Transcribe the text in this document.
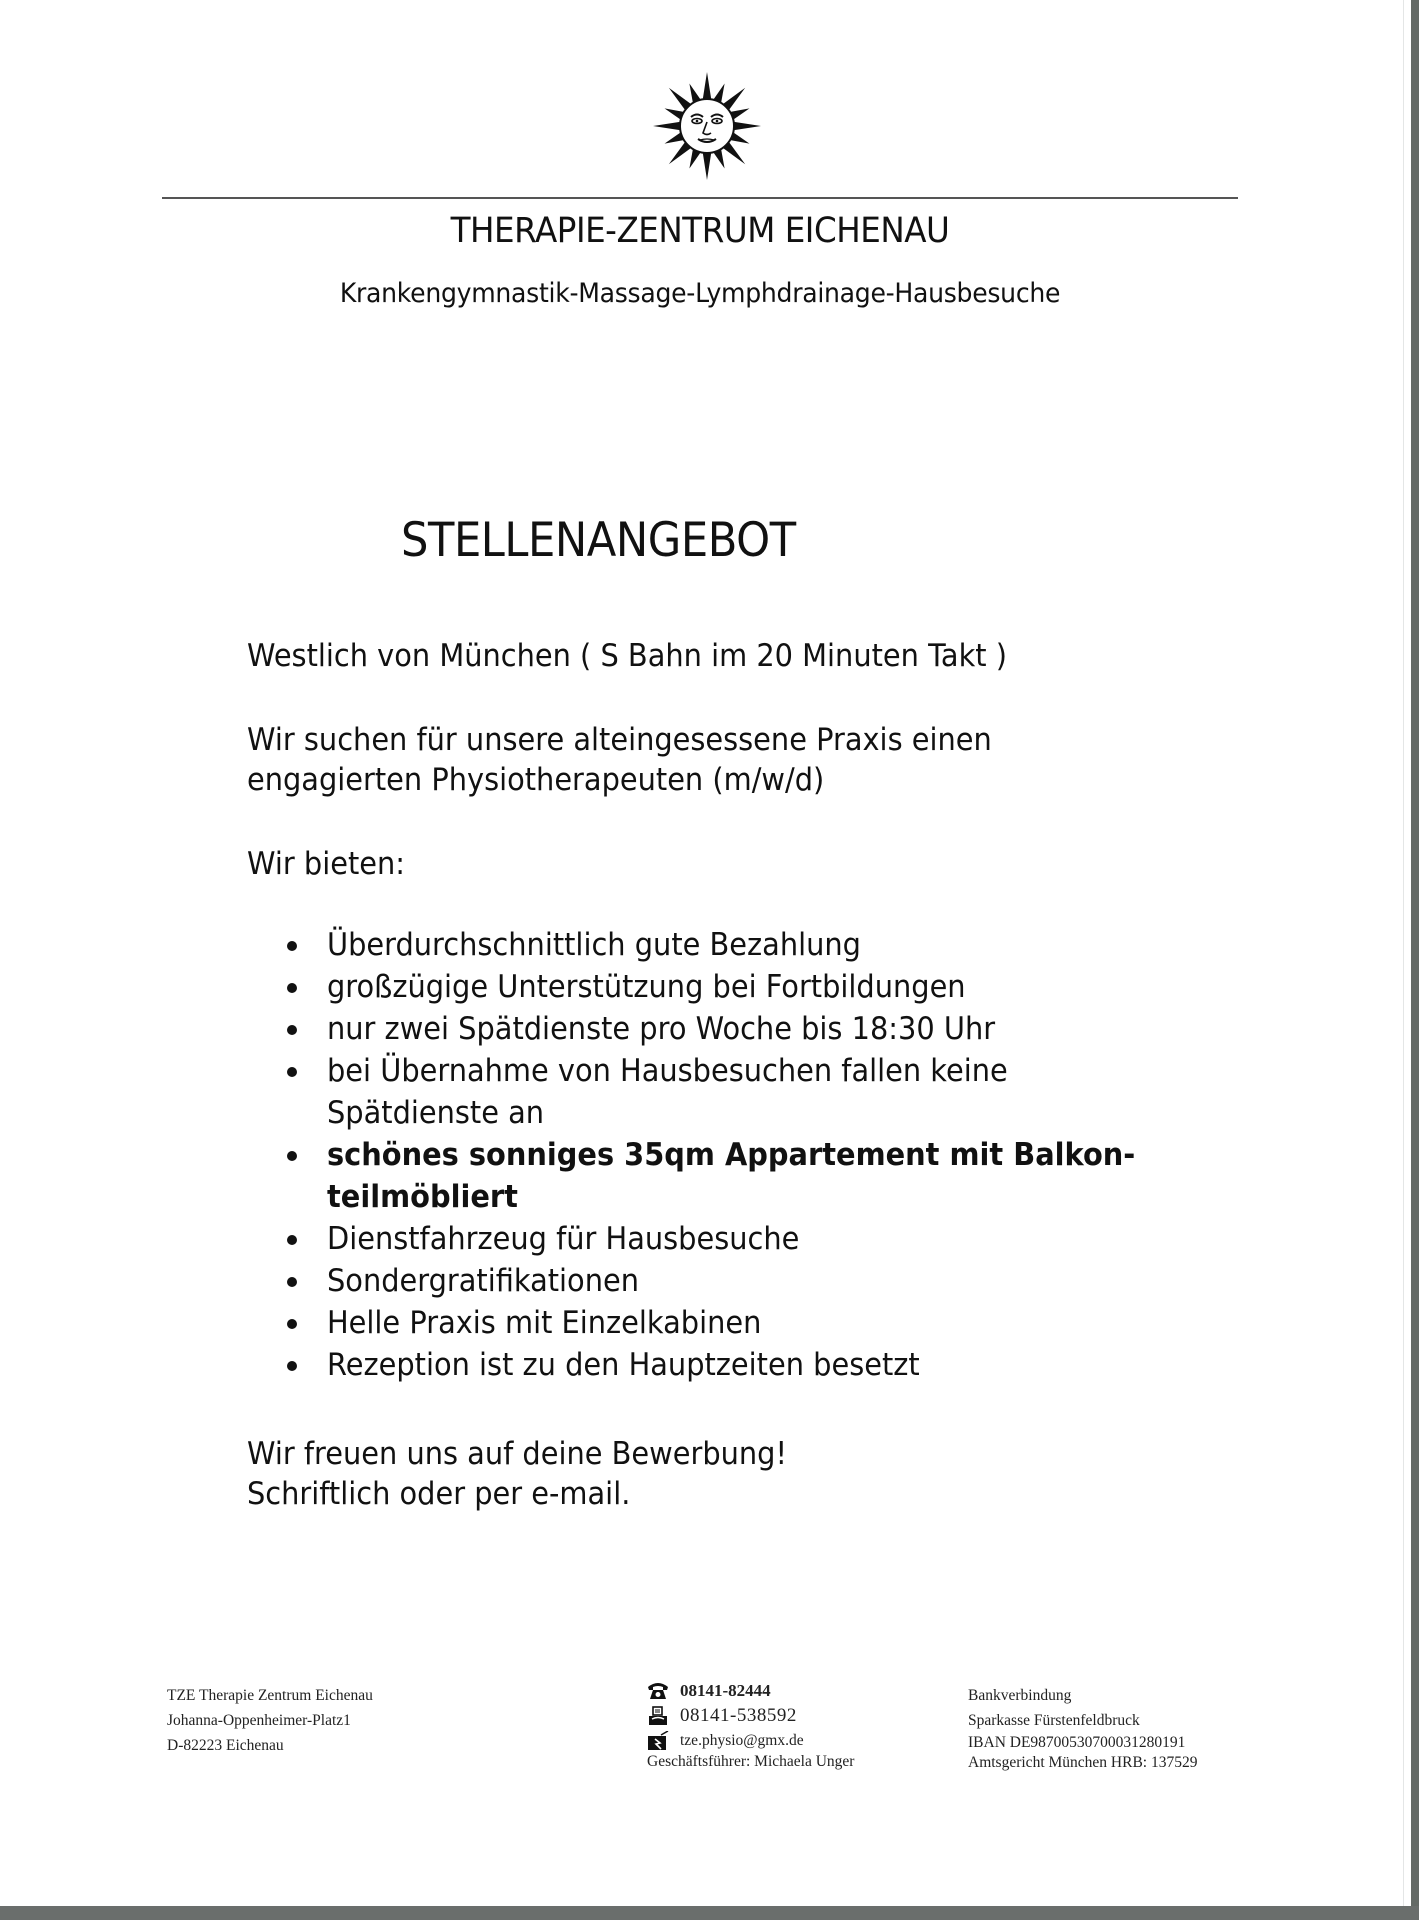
THERAPIE-ZENTRUM EICHENAU
Krankengymnastik-Massage-Lymphdrainage-Hausbesuche
STELLENANGEBOT
Westlich von München ( S Bahn im 20 Minuten Takt )
Wir suchen für unsere alteingesessene Praxis einen
engagierten Physiotherapeuten (m/w/d)
Wir bieten:
Überdurchschnittlich gute Bezahlung
großzügige Unterstützung bei Fortbildungen
nur zwei Spätdienste pro Woche bis 18:30 Uhr
bei Übernahme von Hausbesuchen fallen keine
Spätdienste an
schönes sonniges 35qm Appartement mit Balkon-
teilmöbliert
Dienstfahrzeug für Hausbesuche
Sondergratifikationen
Helle Praxis mit Einzelkabinen
Rezeption ist zu den Hauptzeiten besetzt
Wir freuen uns auf deine Bewerbung!
Schriftlich oder per e-mail.
TZE Therapie Zentrum Eichenau
Johanna-Oppenheimer-Platz1
D-82223 Eichenau
08141-82444
08141-538592
tze.physio@gmx.de
Geschäftsführer: Michaela Unger
Bankverbindung
Sparkasse Fürstenfeldbruck
IBAN DE98700530700031280191
Amtsgericht München HRB: 137529
